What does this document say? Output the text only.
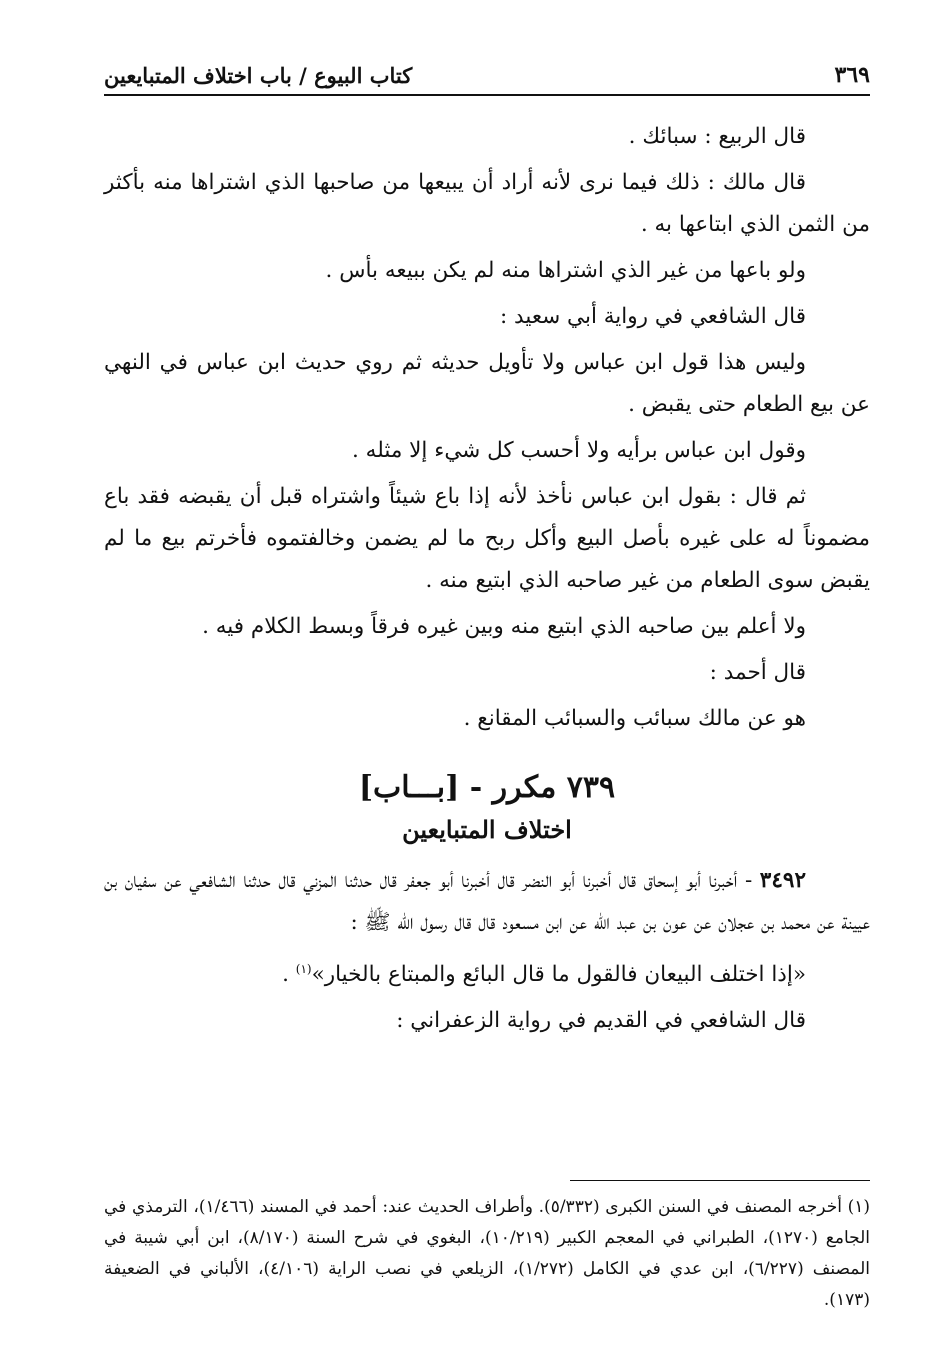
كتاب البيوع / باب اختلاف المتبايعين	٣٦٩

قال الربيع : سبائك .

قال مالك : ذلك فيما نرى لأنه أراد أن يبيعها من صاحبها الذي اشتراها منه بأكثر من الثمن الذي ابتاعها به .

ولو باعها من غير الذي اشتراها منه لم يكن ببيعه بأس .

قال الشافعي في رواية أبي سعيد :

وليس هذا قول ابن عباس ولا تأويل حديثه ثم روي حديث ابن عباس في النهي عن بيع الطعام حتى يقبض .

وقول ابن عباس برأيه ولا أحسب كل شيء إلا مثله .

ثم قال : بقول ابن عباس نأخذ لأنه إذا باع شيئاً واشتراه قبل أن يقبضه فقد باع مضموناً له على غيره بأصل البيع وأكل ربح ما لم يضمن وخالفتموه فأخرتم بيع ما لم يقبض سوى الطعام من غير صاحبه الذي ابتيع منه .

ولا أعلم بين صاحبه الذي ابتيع منه وبين غيره فرقاً وبسط الكلام فيه .

قال أحمد :

هو عن مالك سبائب والسبائب المقانع .

٧٣٩ مكرر - [بـــاب]
اختلاف المتبايعين

٣٤٩٢ - أخبرنا أبو إسحاق قال أخبرنا أبو النضر قال أخبرنا أبو جعفر قال حدثنا المزني قال حدثنا الشافعي عن سفيان بن عيينة عن محمد بن عجلان عن عون بن عبد الله عن ابن مسعود قال قال رسول الله ﷺ :

«إذا اختلف البيعان فالقول ما قال البائع والمبتاع بالخيار»$^{(١)}$ .

قال الشافعي في القديم في رواية الزعفراني :

(١) أخرجه المصنف في السنن الكبرى (٥/٣٣٢). وأطراف الحديث عند: أحمد في المسند (١/٤٦٦)، الترمذي في الجامع (١٢٧٠)، الطبراني في المعجم الكبير (١٠/٢١٩)، البغوي في شرح السنة (٨/١٧٠)، ابن أبي شيبة في المصنف (٦/٢٢٧)، ابن عدي في الكامل (١/٢٧٢)، الزيلعي في نصب الراية (٤/١٠٦)، الألباني في الضعيفة (١٧٣).
